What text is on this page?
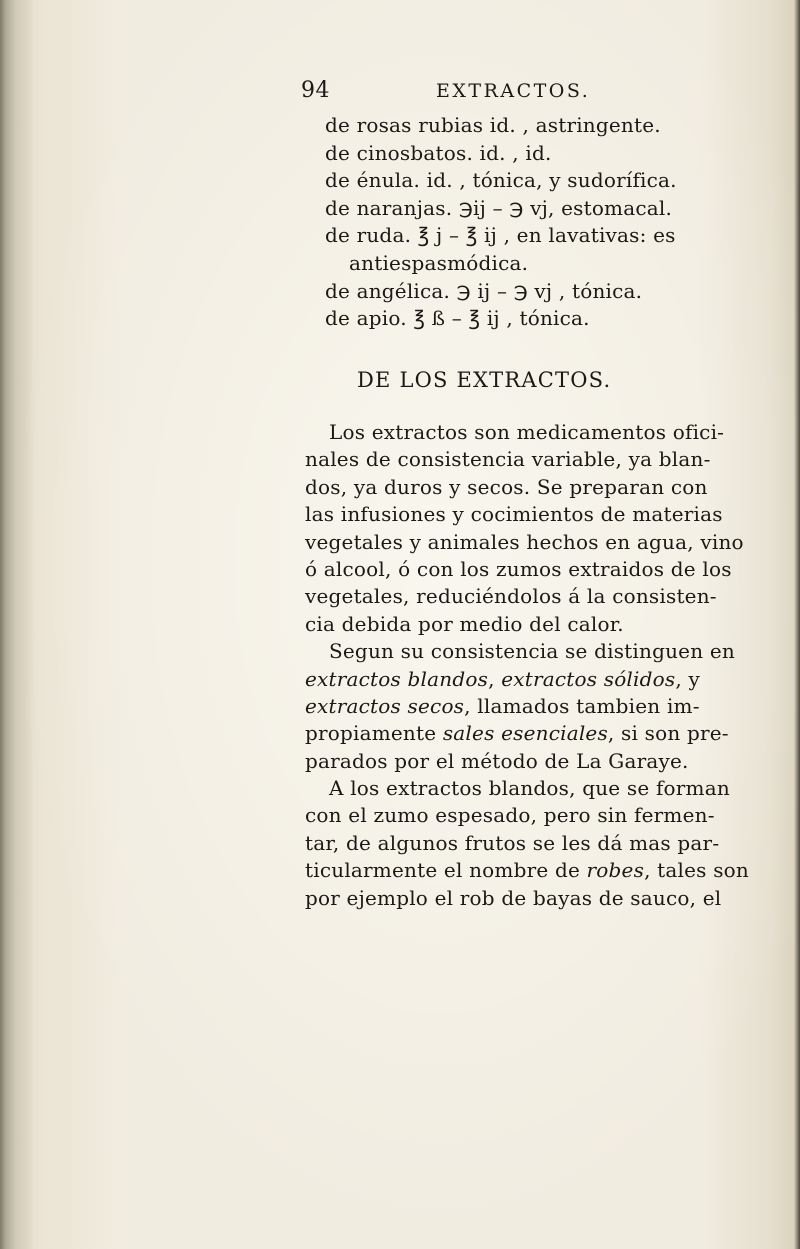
94	EXTRACTOS.
de rosas rubias id. , astringente.
de cinosbatos. id. , id.
de énula. id. , tónica, y sudorífica.
de naranjas. ℈ij – ℈ vj, estomacal.
de ruda. ℥ j – ℥ ij , en lavativas: es
antiespasmódica.
de angélica. ℈ ij – ℈ vj , tónica.
de apio. ℥ ß – ℥ ij , tónica.
DE LOS EXTRACTOS.
Los extractos son medicamentos ofici-
nales de consistencia variable, ya blan-
dos, ya duros y secos. Se preparan con
las infusiones y cocimientos de materias
vegetales y animales hechos en agua, vino
ó alcool, ó con los zumos extraidos de los
vegetales, reduciéndolos á la consisten-
cia debida por medio del calor.
Segun su consistencia se distinguen en
extractos blandos, extractos sólidos, y
extractos secos, llamados tambien im-
propiamente sales esenciales, si son pre-
parados por el método de La Garaye.
A los extractos blandos, que se forman
con el zumo espesado, pero sin fermen-
tar, de algunos frutos se les dá mas par-
ticularmente el nombre de robes, tales son
por ejemplo el rob de bayas de sauco, el
